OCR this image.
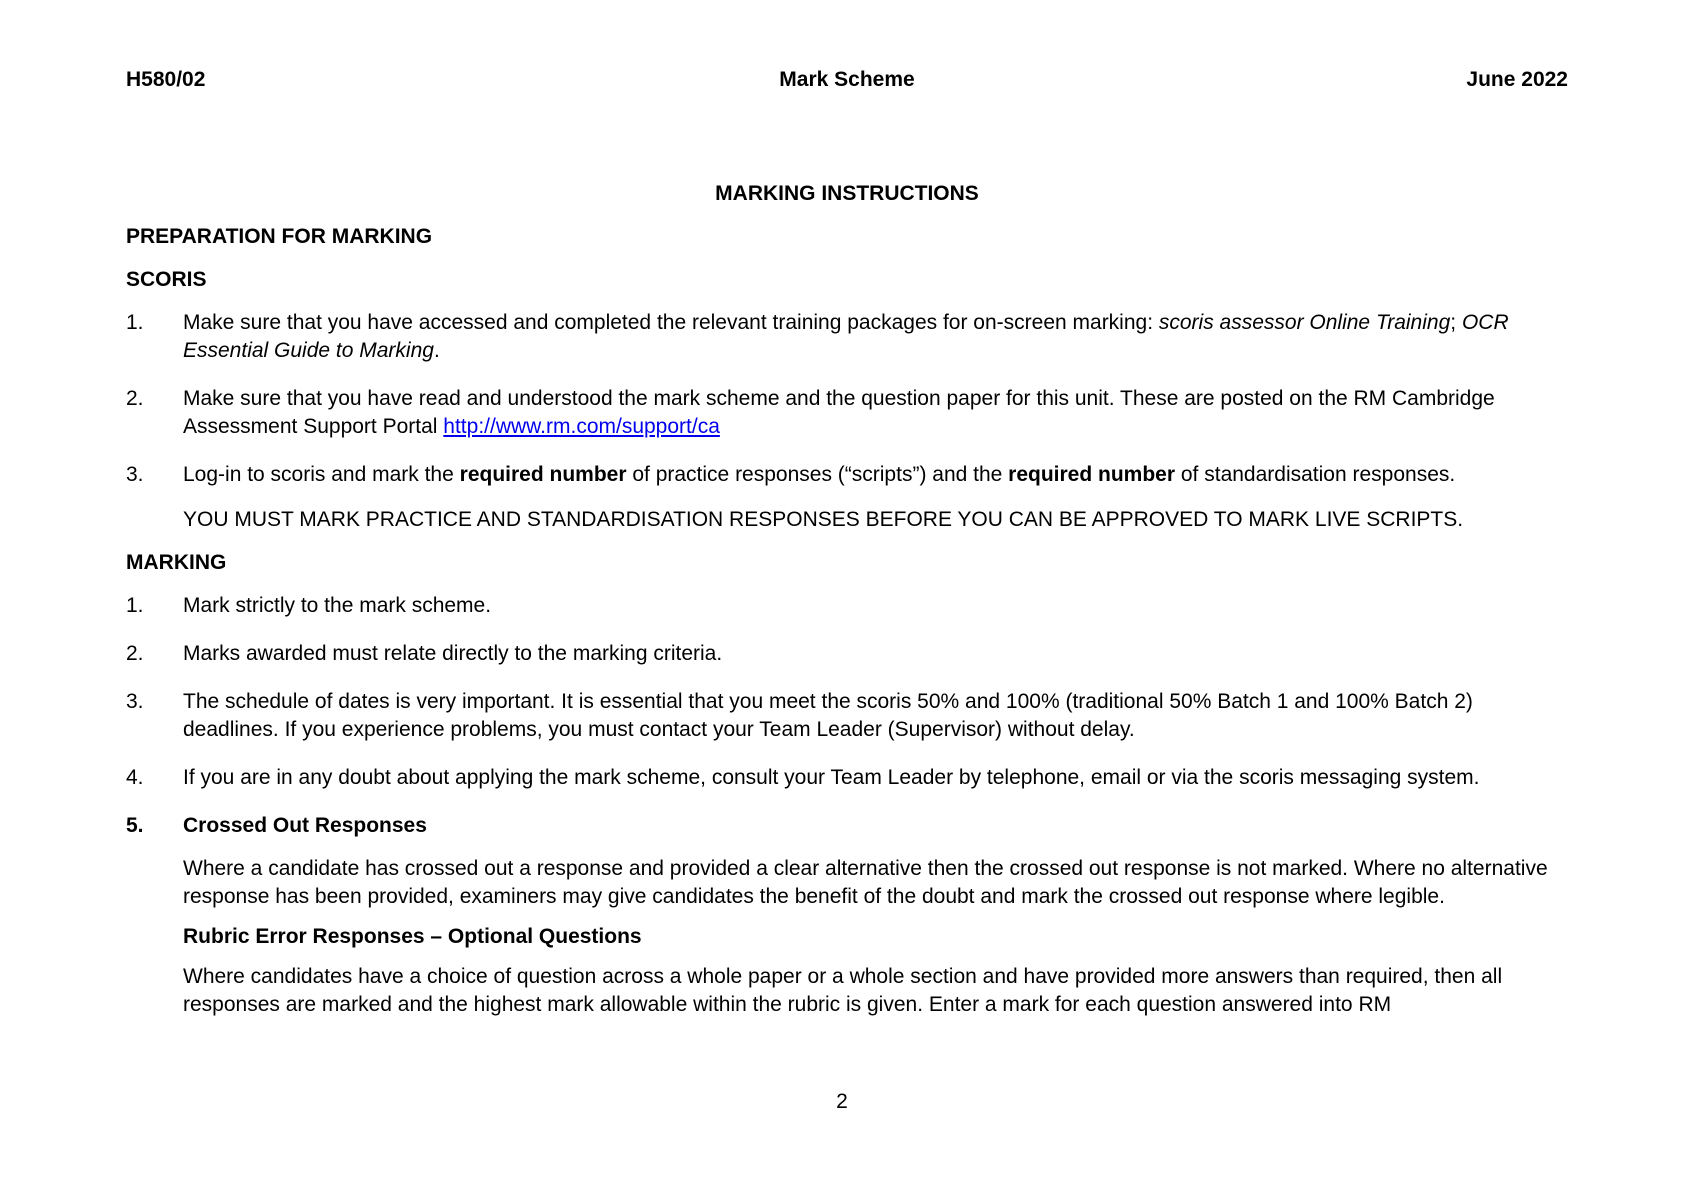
H580/02	Mark Scheme	June 2022
MARKING INSTRUCTIONS
PREPARATION FOR MARKING
SCORIS
1.	Make sure that you have accessed and completed the relevant training packages for on-screen marking: scoris assessor Online Training; OCR Essential Guide to Marking.
2.	Make sure that you have read and understood the mark scheme and the question paper for this unit. These are posted on the RM Cambridge Assessment Support Portal http://www.rm.com/support/ca
3.	Log-in to scoris and mark the required number of practice responses (“scripts”) and the required number of standardisation responses.
YOU MUST MARK PRACTICE AND STANDARDISATION RESPONSES BEFORE YOU CAN BE APPROVED TO MARK LIVE SCRIPTS.
MARKING
1.	Mark strictly to the mark scheme.
2.	Marks awarded must relate directly to the marking criteria.
3.	The schedule of dates is very important. It is essential that you meet the scoris 50% and 100% (traditional 50% Batch 1 and 100% Batch 2) deadlines. If you experience problems, you must contact your Team Leader (Supervisor) without delay.
4.	If you are in any doubt about applying the mark scheme, consult your Team Leader by telephone, email or via the scoris messaging system.
5.	Crossed Out Responses
Where a candidate has crossed out a response and provided a clear alternative then the crossed out response is not marked. Where no alternative response has been provided, examiners may give candidates the benefit of the doubt and mark the crossed out response where legible.
Rubric Error Responses – Optional Questions
Where candidates have a choice of question across a whole paper or a whole section and have provided more answers than required, then all responses are marked and the highest mark allowable within the rubric is given. Enter a mark for each question answered into RM
2
